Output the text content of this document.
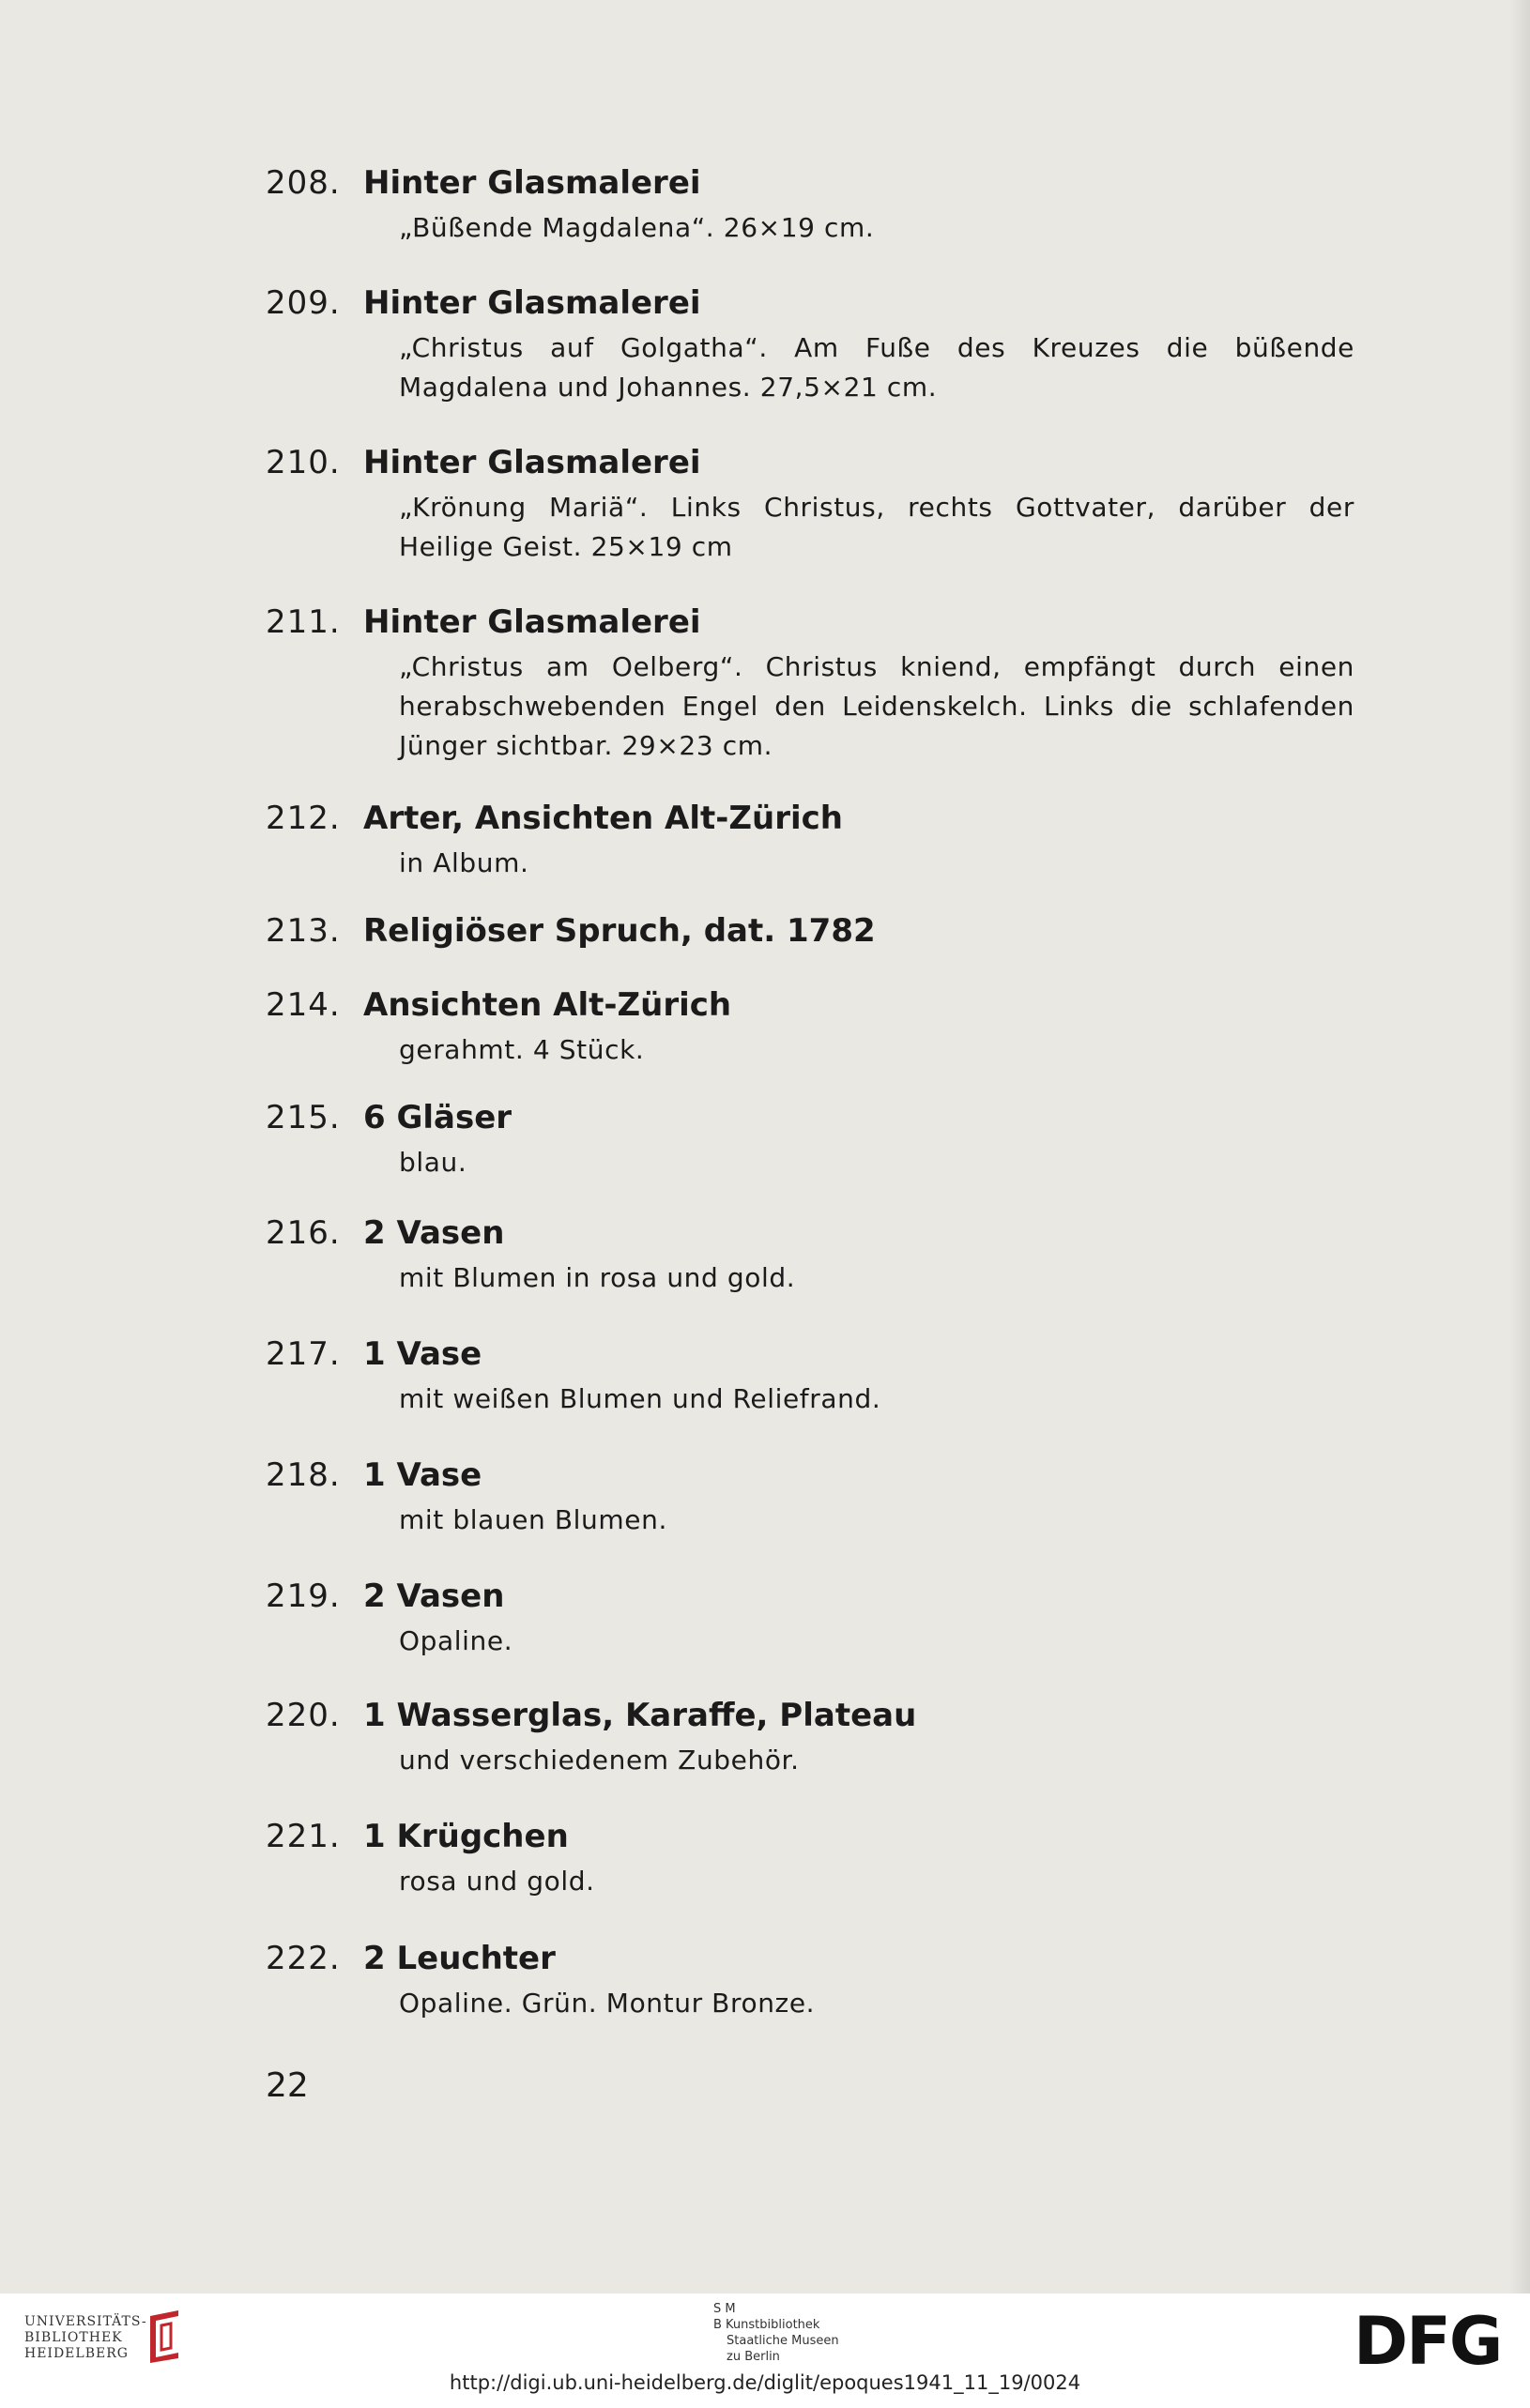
208. Hinter Glasmalerei
„Büßende Magdalena“. 26×19 cm.
209. Hinter Glasmalerei
„Christus auf Golgatha“. Am Fuße des Kreuzes die büßende Magdalena und Johannes. 27,5×21 cm.
210. Hinter Glasmalerei
„Krönung Mariä“. Links Christus, rechts Gottvater, darüber der Heilige Geist. 25×19 cm
211. Hinter Glasmalerei
„Christus am Oelberg“. Christus kniend, empfängt durch einen herabschwebenden Engel den Leidenskelch. Links die schlafenden Jünger sichtbar. 29×23 cm.
212. Arter, Ansichten Alt-Zürich
in Album.
213. Religiöser Spruch, dat. 1782
214. Ansichten Alt-Zürich
gerahmt. 4 Stück.
215. 6 Gläser
blau.
216. 2 Vasen
mit Blumen in rosa und gold.
217. 1 Vase
mit weißen Blumen und Reliefrand.
218. 1 Vase
mit blauen Blumen.
219. 2 Vasen
Opaline.
220. 1 Wasserglas, Karaffe, Plateau
und verschiedenem Zubehör.
221. 1 Krügchen
rosa und gold.
222. 2 Leuchter
Opaline. Grün. Montur Bronze.
22
UNIVERSITÄTS-
BIBLIOTHEK
HEIDELBERG
S M
B Kunstbibliothek
Staatliche Museen
zu Berlin	DFG
http://digi.ub.uni-heidelberg.de/diglit/epoques1941_11_19/0024
